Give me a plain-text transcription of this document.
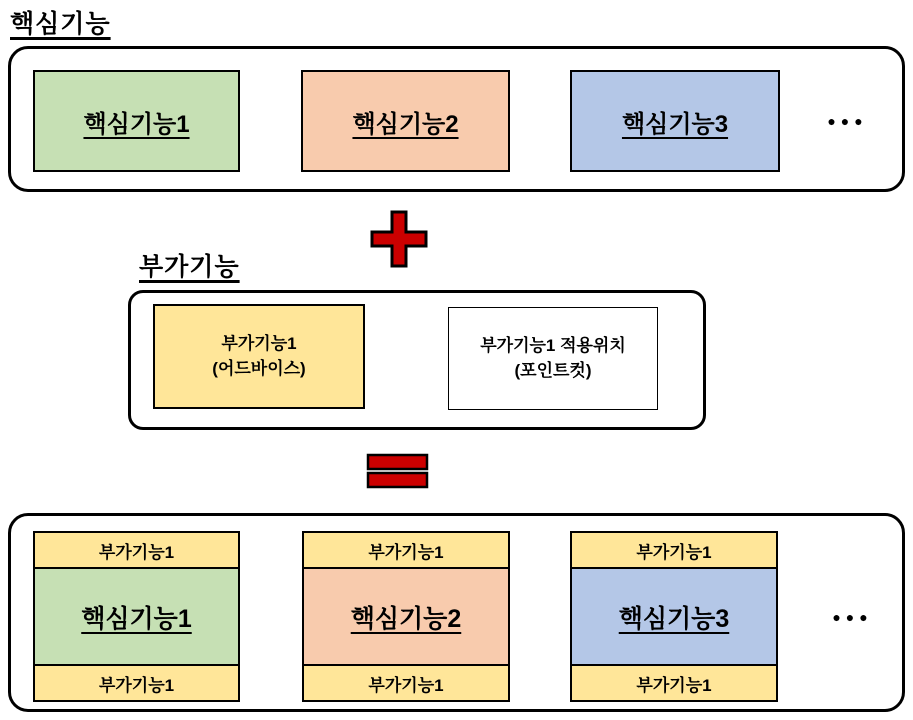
핵심기능
핵심기능1	핵심기능2	핵심기능3	●●●
부가기능
부가기능1
(어드바이스)
부가기능1 적용위치
(포인트컷)
부가기능1
핵심기능1
부가기능1
부가기능1
핵심기능2
부가기능1
부가기능1
핵심기능3
부가기능1
●●●
